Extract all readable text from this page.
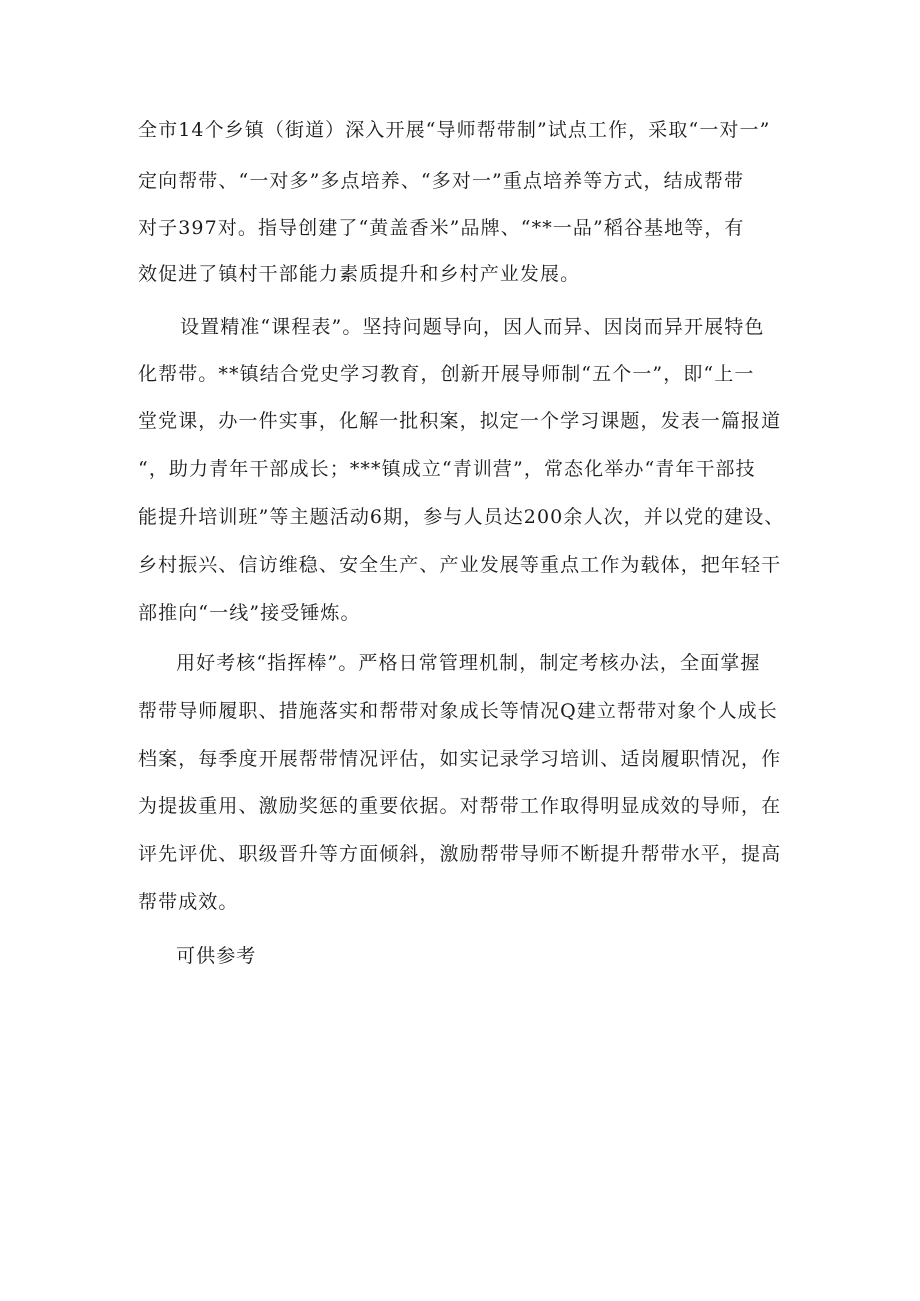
全市14个乡镇（街道）深入开展“导师帮带制”试点工作，采取“一对一”
定向帮带、“一对多”多点培养、“多对一”重点培养等方式，结成帮带
对子397对。指导创建了“黄盖香米”品牌、“**一品”稻谷基地等，有
效促进了镇村干部能力素质提升和乡村产业发展。
设置精准“课程表”。坚持问题导向，因人而异、因岗而异开展特色
化帮带。**镇结合党史学习教育，创新开展导师制“五个一”，即“上一
堂党课，办一件实事，化解一批积案，拟定一个学习课题，发表一篇报道
“，助力青年干部成长；***镇成立“青训营”，常态化举办“青年干部技
能提升培训班”等主题活动6期，参与人员达200余人次，并以党的建设、
乡村振兴、信访维稳、安全生产、产业发展等重点工作为载体，把年轻干
部推向“一线”接受锤炼。
用好考核“指挥棒”。严格日常管理机制，制定考核办法，全面掌握
帮带导师履职、措施落实和帮带对象成长等情况Q建立帮带对象个人成长
档案，每季度开展帮带情况评估，如实记录学习培训、适岗履职情况，作
为提拔重用、激励奖惩的重要依据。对帮带工作取得明显成效的导师，在
评先评优、职级晋升等方面倾斜，激励帮带导师不断提升帮带水平，提高
帮带成效。
可供参考
